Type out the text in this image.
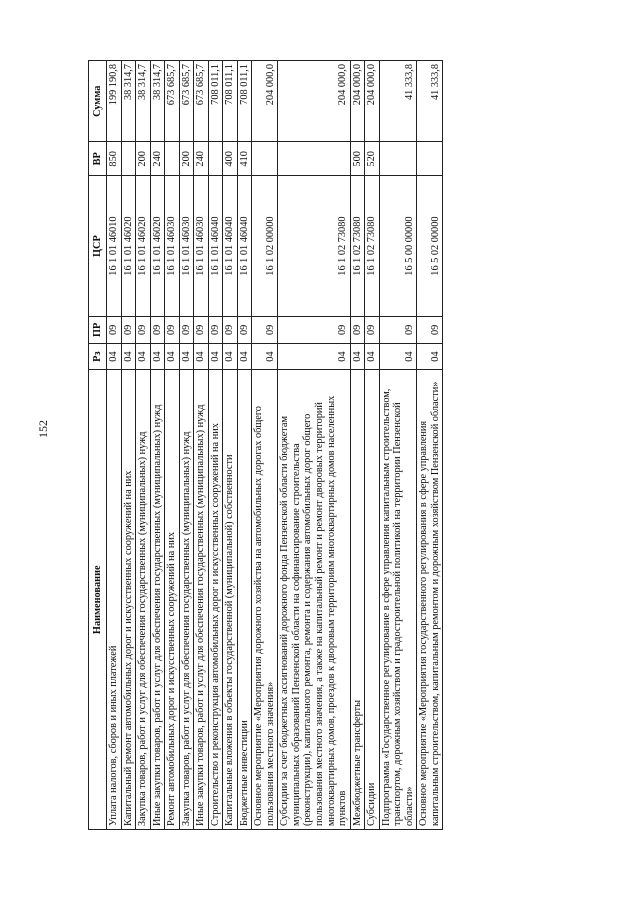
152
Наименование	Рз	ПР	ЦСР	ВР	Сумма
Уплата налогов, сборов и иных платежей	04	09	16 1 01 46010	850	199 190,8
Капитальный ремонт автомобильных дорог и искусственных сооружений на них	04	09	16 1 01 46020		38 314,7
Закупка товаров, работ и услуг для обеспечения государственных (муниципальных) нужд	04	09	16 1 01 46020	200	38 314,7
Иные закупки товаров, работ и услуг для обеспечения государственных (муниципальных) нужд	04	09	16 1 01 46020	240	38 314,7
Ремонт автомобильных дорог и искусственных сооружений на них	04	09	16 1 01 46030		673 685,7
Закупка товаров, работ и услуг для обеспечения государственных (муниципальных) нужд	04	09	16 1 01 46030	200	673 685,7
Иные закупки товаров, работ и услуг для обеспечения государственных (муниципальных) нужд	04	09	16 1 01 46030	240	673 685,7
Строительство и реконструкция автомобильных дорог и искусственных сооружений на них	04	09	16 1 01 46040		708 011,1
Капитальные вложения в объекты государственной (муниципальной) собственности	04	09	16 1 01 46040	400	708 011,1
Бюджетные инвестиции	04	09	16 1 01 46040	410	708 011,1
Основное мероприятие «Мероприятия дорожного хозяйства на автомобильных дорогах общего пользования местного значения»	04	09	16 1 02 00000		204 000,0
Субсидии за счет бюджетных ассигнований дорожного фонда Пензенской области бюджетам муниципальных образований Пензенской области на софинансирование строительства (реконструкции), капитального ремонта, ремонта и содержания автомобильных дорог общего пользования местного значения, а также на капитальный ремонт и ремонт дворовых территорий многоквартирных домов, проездов к дворовым территориям многоквартирных домов населенных пунктов	04	09	16 1 02 73080		204 000,0
Межбюджетные трансферты	04	09	16 1 02 73080	500	204 000,0
Субсидии	04	09	16 1 02 73080	520	204 000,0
Подпрограмма «Государственное регулирование в сфере управления капитальным строительством, транспортом, дорожным хозяйством и градостроительной политикой на территории Пензенской области»	04	09	16 5 00 00000		41 333,8
Основное мероприятие «Мероприятия государственного регулирования в сфере управления капитальным строительством, капитальным ремонтом и дорожным хозяйством Пензенской области»	04	09	16 5 02 00000		41 333,8
